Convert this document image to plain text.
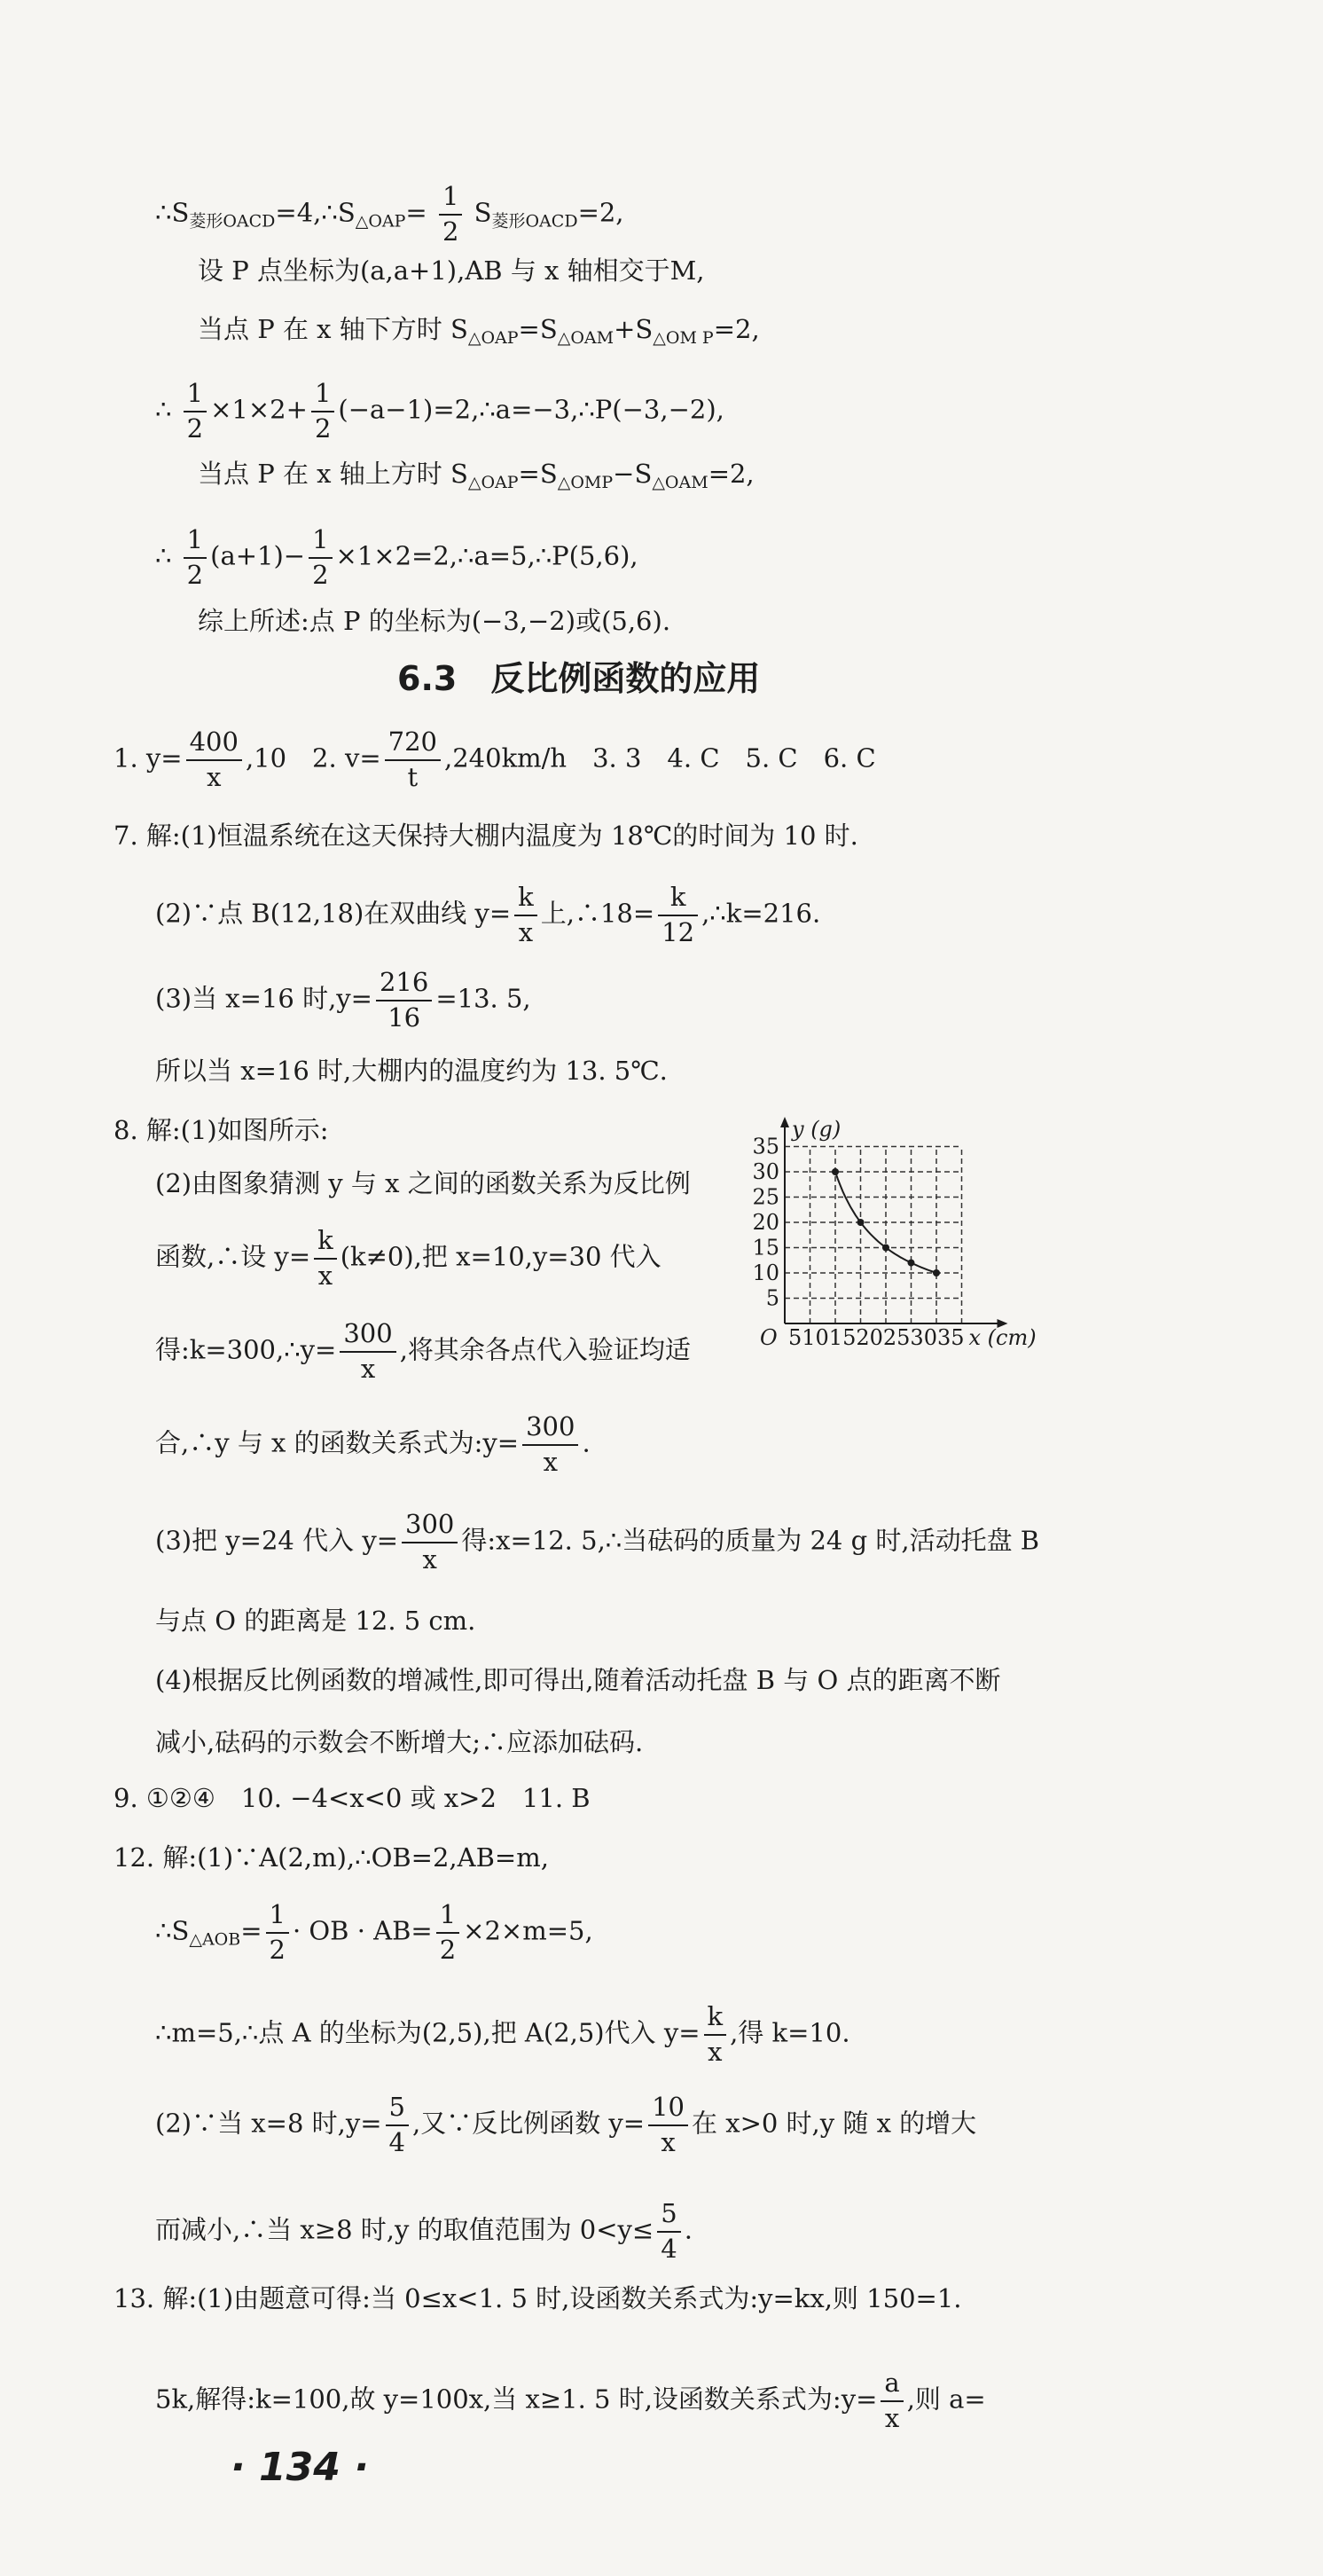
$\therefore S_{菱形OACD}=4,\therefore S_{\triangle OAP}= \frac{1}{2} S_{菱形OACD}=2$,
设 P 点坐标为(a,a+1),AB 与 x 轴相交于M,
当点 P 在 x 轴下方时 $S_{\triangle OAP}=S_{\triangle OAM}+S_{\triangle OM P}=2$,
∴ $\frac{1}{2} \times 1\times 2+ \frac{1}{2}$ (−a−1)=2,∴a=−3,∴P(−3,−2),
当点 P 在 x 轴上方时 $S_{\triangle OAP}=S_{\triangle OMP}-S_{\triangle OAM}=2$,
∴ $\frac{1}{2} (a+1)- \frac{1}{2}$ ×1×2=2,∴a=5,∴P(5,6),
综上所述:点 P 的坐标为(−3,−2)或(5,6).
6.3　反比例函数的应用
1. $y= \frac{400}{x} ,10$　2. $v= \frac{720}{t} ,240km/h$　3. 3　4. C　5. C　6. C
7. 解:(1)恒温系统在这天保持大棚内温度为 18℃的时间为 10 时.
(2)∵点 B(12,18)在双曲线 $y= \frac{k}{x}$ 上,∴18= $\frac{k}{12}$ ,∴k=216.
(3)当 x=16 时$,y= \frac{216}{16} =13$. 5,
所以当 x=16 时,大棚内的温度约为 13. 5℃.
8. 解:(1)如图所示:
(2)由图象猜测 y 与 x 之间的函数关系为反比例
函数,∴设 $y= \frac{k}{x} (k\ne 0)$,把 x=10,y=30 代入
得:k=300,∴y= $\frac{300}{x}$ ,将其余各点代入验证均适
合,∴y 与 x 的函数关系式为:y= $\frac{300}{x}$ .
(3)把 y=24 代入 $y= \frac{300}{x}$ 得:x=12. 5,∴当砝码的质量为 24 g 时,活动托盘 B
与点 O 的距离是 12. 5 cm.
(4)根据反比例函数的增减性,即可得出,随着活动托盘 B 与 O 点的距离不断
减小,砝码的示数会不断增大;∴应添加砝码.
y (g)
35
30
25
20
15
10
5
O 5101520253035 x (cm)
9. ①②④　10. −4<x<0 或 x>2　11. B
12. 解:(1)∵A(2,m),∴OB=2,AB=m,
$\therefore S_{\triangle AOB}= \frac{1}{2}$ · OB · $AB= \frac{1}{2} \times 2\times m=5$,
∴m=5,∴点 A 的坐标为(2,5),把 A(2,5)代入 $y= \frac{k}{x}$ ,得 k=10.
(2)∵当 x=8 时$,y= \frac{5}{4}$ ,又∵反比例函数 $y= \frac{10}{x}$ 在 x>0 时,y 随 x 的增大
而减小,∴当 x≥8 时,y 的取值范围为 $0<y\le \frac{5}{4}$ .
13. 解:(1)由题意可得:当 0≤x<1. 5 时,设函数关系式为:y=kx,则 150=1.
5k,解得:k=100,故 y=100x,当 x≥1. 5 时,设函数关系式为:y= $\frac{a}{x}$ ,则 a=
· 134 ·
